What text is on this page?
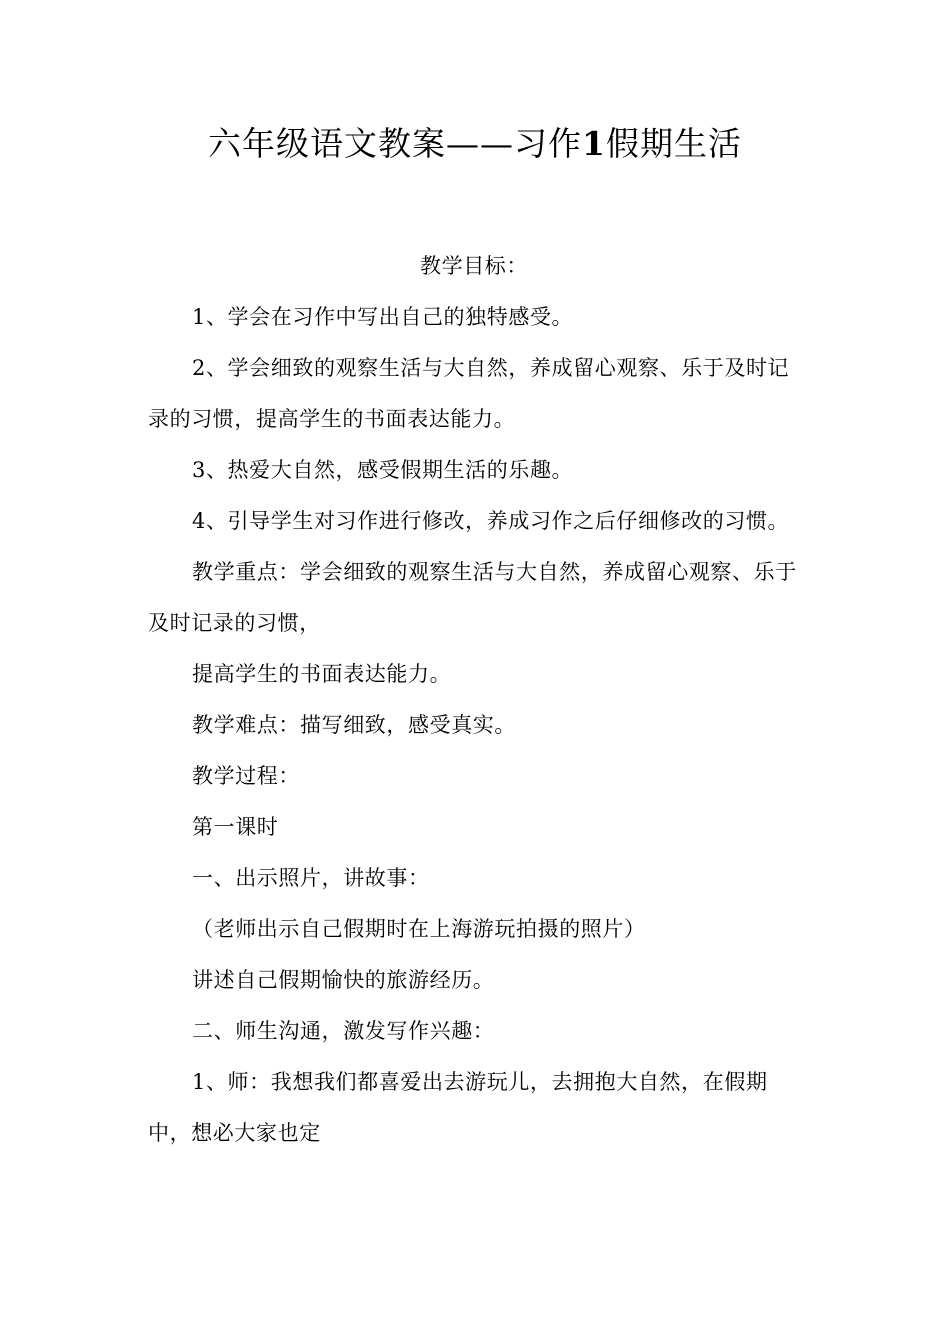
六年级语文教案——习作1假期生活

教学目标：

1、学会在习作中写出自己的独特感受。

2、学会细致的观察生活与大自然，养成留心观察、乐于及时记录的习惯，提高学生的书面表达能力。

3、热爱大自然，感受假期生活的乐趣。

4、引导学生对习作进行修改，养成习作之后仔细修改的习惯。

教学重点：学会细致的观察生活与大自然，养成留心观察、乐于及时记录的习惯，

提高学生的书面表达能力。

教学难点：描写细致，感受真实。

教学过程：

第一课时

一、出示照片，讲故事：

（老师出示自己假期时在上海游玩拍摄的照片）

讲述自己假期愉快的旅游经历。

二、师生沟通，激发写作兴趣：

1、师：我想我们都喜爱出去游玩儿，去拥抱大自然，在假期中，想必大家也定
